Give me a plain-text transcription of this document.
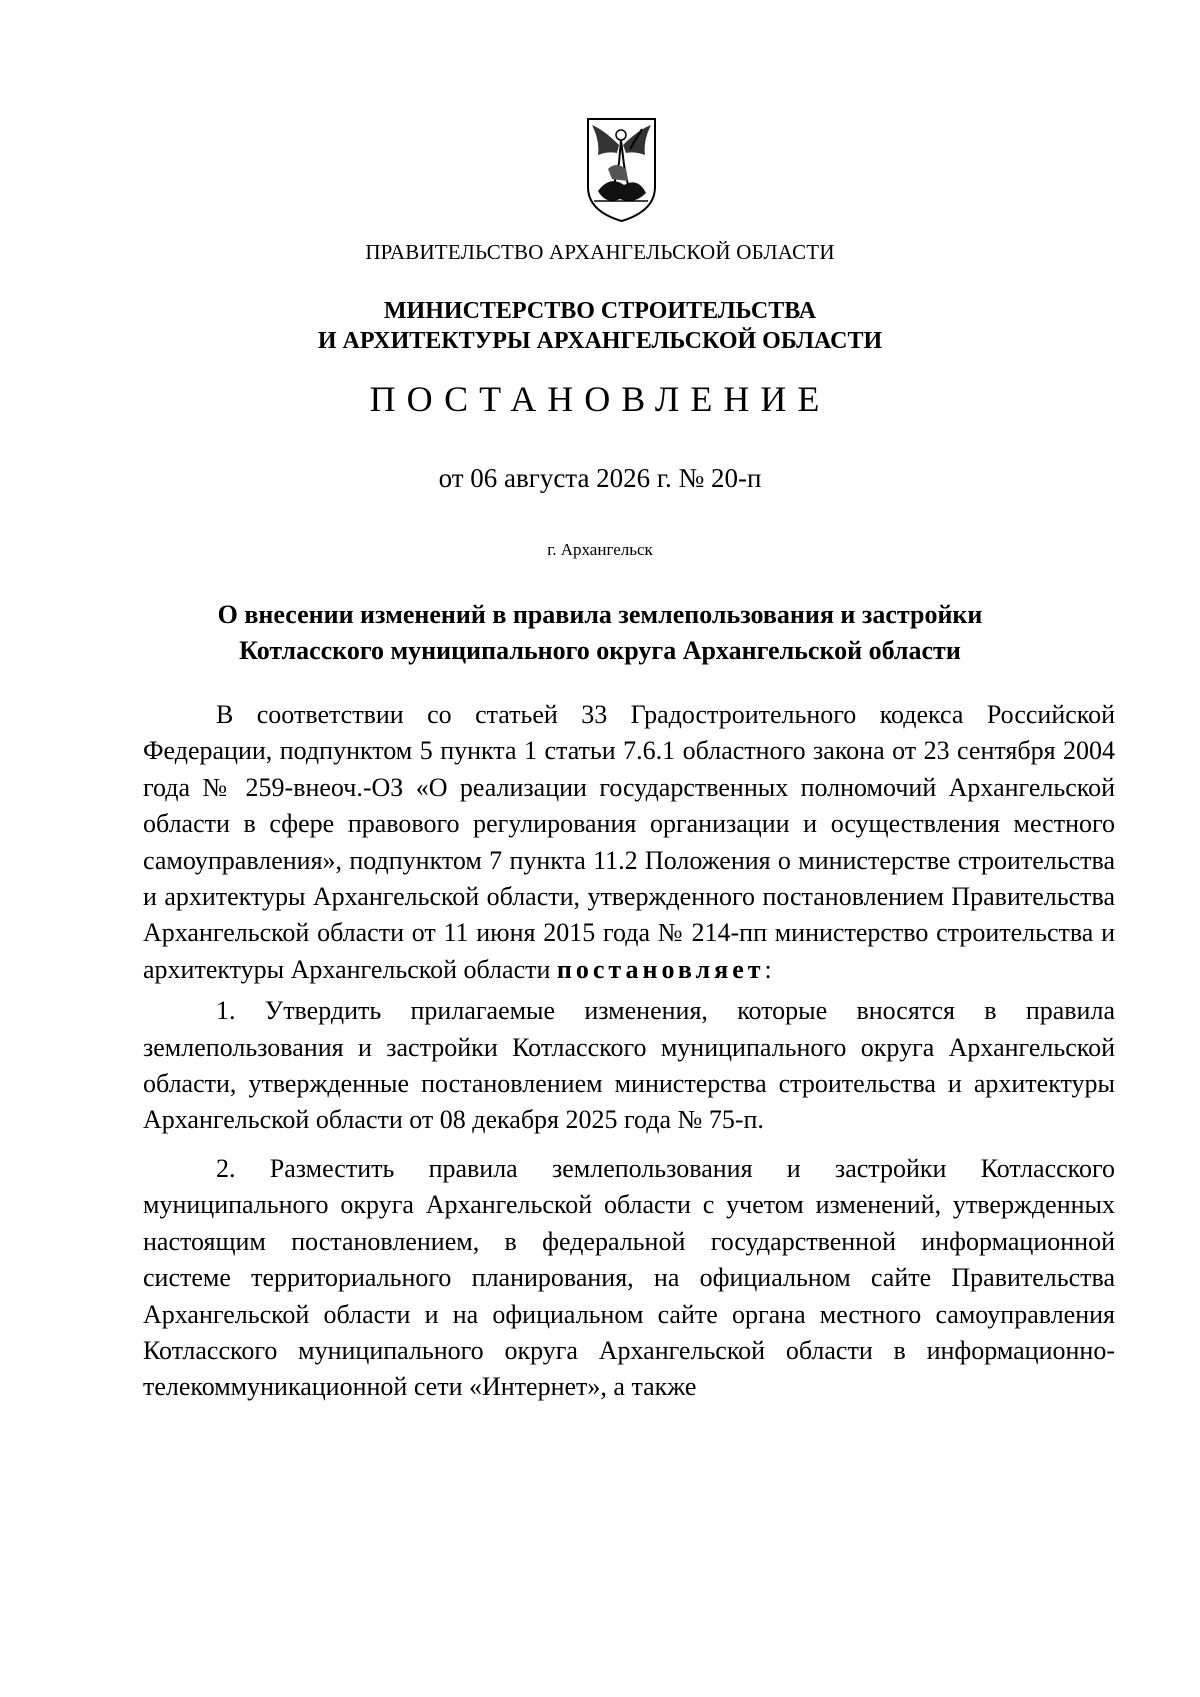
ПРАВИТЕЛЬСТВО АРХАНГЕЛЬСКОЙ ОБЛАСТИ
МИНИСТЕРСТВО СТРОИТЕЛЬСТВА
И АРХИТЕКТУРЫ АРХАНГЕЛЬСКОЙ ОБЛАСТИ
ПОСТАНОВЛЕНИЕ
от 06 августа 2026 г. № 20-п
г. Архангельск
О внесении изменений в правила землепользования и застройки
Котласского муниципального округа Архангельской области

В соответствии со статьей 33 Градостроительного кодекса Российской Федерации, подпунктом 5 пункта 1 статьи 7.6.1 областного закона от 23 сентября 2004 года № 259-внеоч.-ОЗ «О реализации государственных полномочий Архангельской области в сфере правового регулирования организации и осуществления местного самоуправления», подпунктом 7 пункта 11.2 Положения о министерстве строительства и архитектуры Архангельской области, утвержденного постановлением Правительства Архангельской области от 11 июня 2015 года № 214-пп министерство строительства и архитектуры Архангельской области постановляет:

1. Утвердить прилагаемые изменения, которые вносятся в правила землепользования и застройки Котласского муниципального округа Архангельской области, утвержденные постановлением министерства строительства и архитектуры Архангельской области от 08 декабря 2025 года № 75-п.

2. Разместить правила землепользования и застройки Котласского муниципального округа Архангельской области с учетом изменений, утвержденных настоящим постановлением, в федеральной государственной информационной системе территориального планирования, на официальном сайте Правительства Архангельской области и на официальном сайте органа местного самоуправления Котласского муниципального округа Архангельской области в информационно-телекоммуникационной сети «Интернет», а также
